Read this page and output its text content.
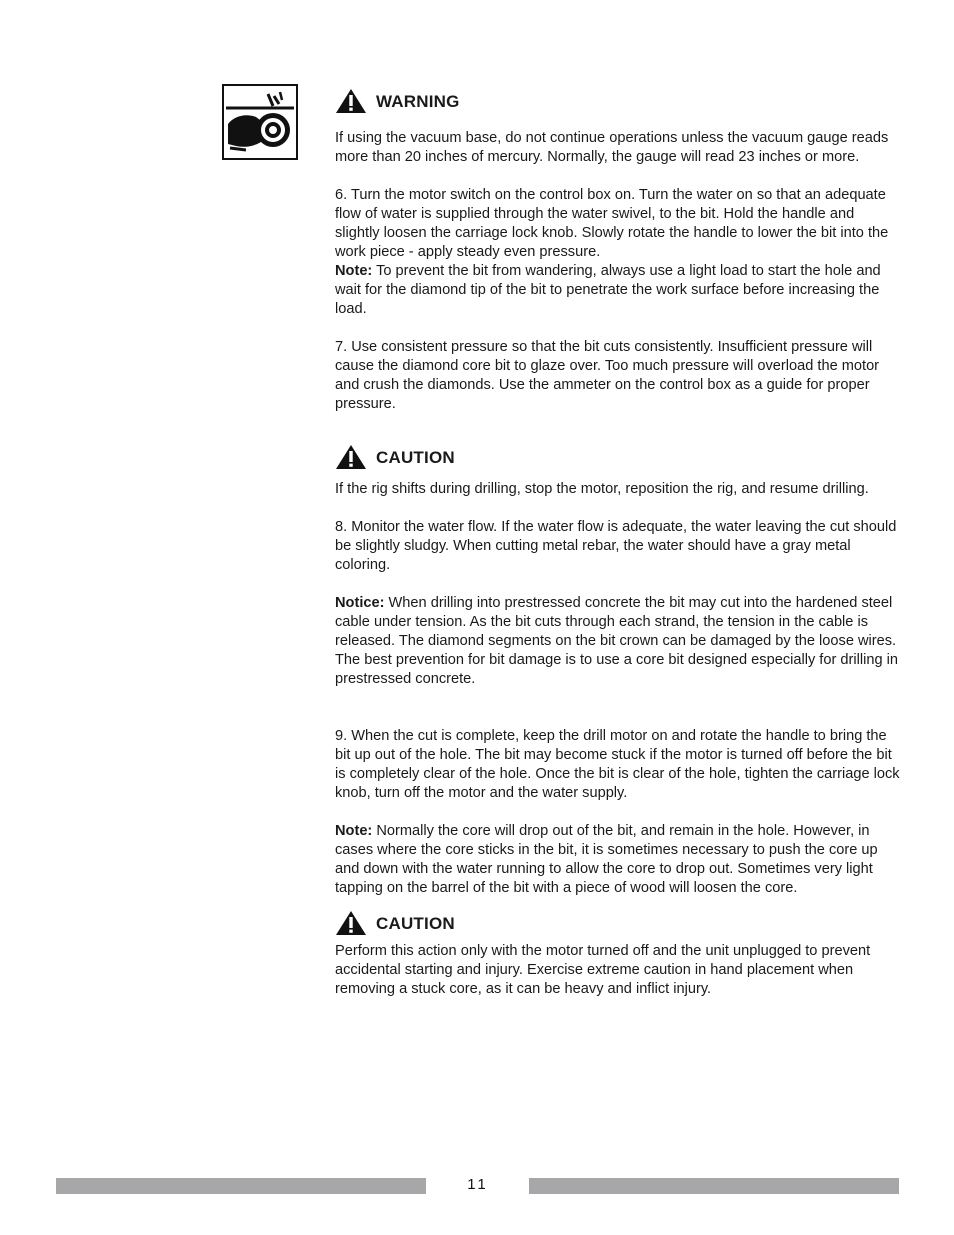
WARNING

If using the vacuum base, do not continue operations unless the vacuum gauge reads more than 20 inches of mercury. Normally, the gauge will read 23 inches or more.

6. Turn the motor switch on the control box on. Turn the water on so that an adequate flow of water is supplied through the water swivel, to the bit. Hold the handle and slightly loosen the carriage lock knob. Slowly rotate the handle to lower the bit into the work piece - apply steady even pressure.

Note: To prevent the bit from wandering, always use a light load to start the hole and wait for the diamond tip of the bit to penetrate the work surface before increasing the load.

7. Use consistent pressure so that the bit cuts consistently. Insufficient pressure will cause the diamond core bit to glaze over. Too much pressure will overload the motor and crush the diamonds. Use the ammeter on the control box as a guide for proper pressure.

CAUTION

If the rig shifts during drilling, stop the motor, reposition the rig, and resume drilling.

8. Monitor the water flow. If the water flow is adequate, the water leaving the cut should be slightly sludgy. When cutting metal rebar, the water should have a gray metal coloring.

Notice: When drilling into prestressed concrete the bit may cut into the hardened steel cable under tension. As the bit cuts through each strand, the tension in the cable is released. The diamond segments on the bit crown can be damaged by the loose wires. The best prevention for bit damage is to use a core bit designed especially for drilling in prestressed concrete.

9. When the cut is complete, keep the drill motor on and rotate the handle to bring the bit up out of the hole. The bit may become stuck if the motor is turned off before the bit is completely clear of the hole. Once the bit is clear of the hole, tighten the carriage lock knob, turn off the motor and the water supply.

Note: Normally the core will drop out of the bit, and remain in the hole. However, in cases where the core sticks in the bit, it is sometimes necessary to push the core up and down with the water running to allow the core to drop out. Sometimes very light tapping on the barrel of the bit with a piece of wood will loosen the core.

CAUTION

Perform this action only with the motor turned off and the unit unplugged to prevent accidental starting and injury. Exercise extreme caution in hand placement when removing a stuck core, as it can be heavy and inflict injury.

11
